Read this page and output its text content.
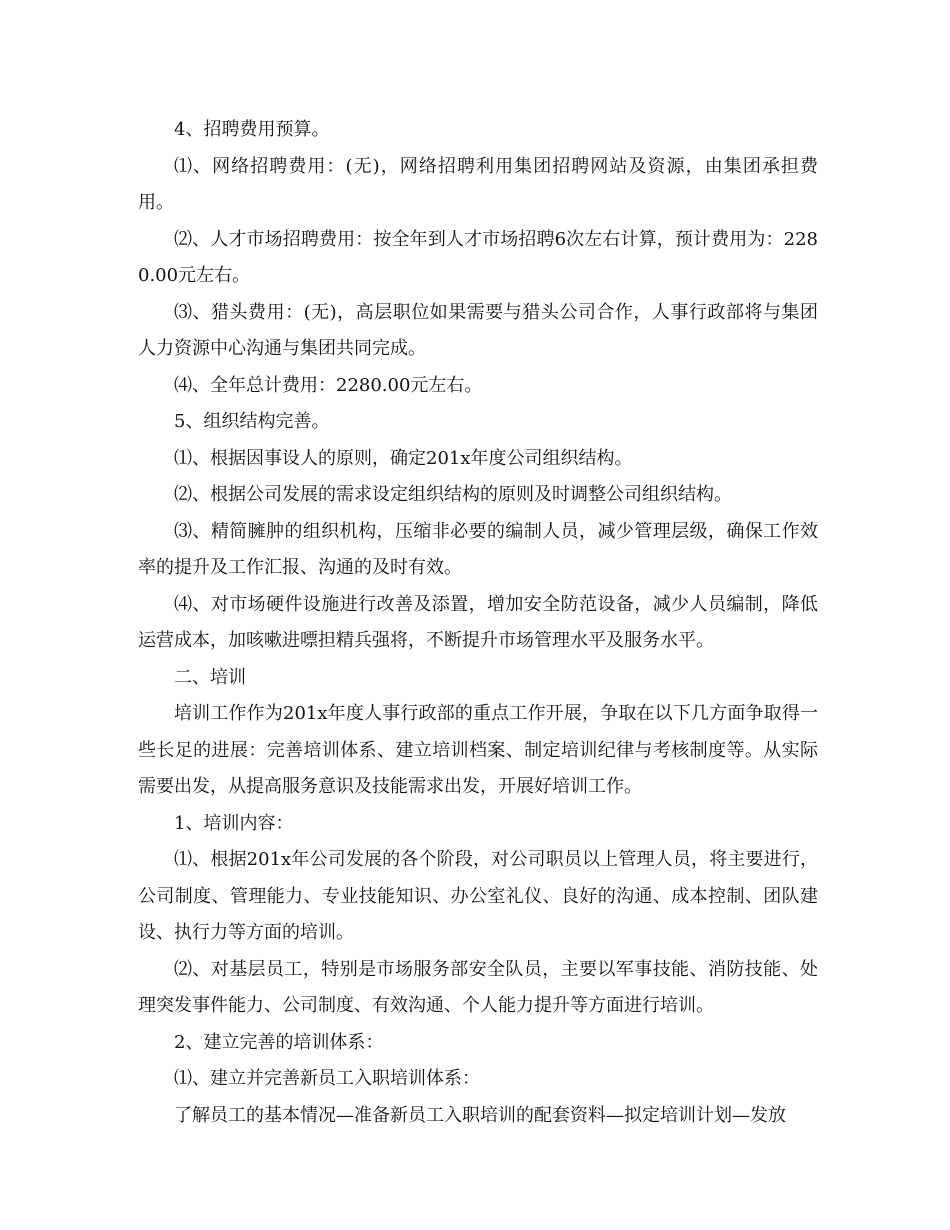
4、招聘费用预算。

⑴、网络招聘费用：(无)，网络招聘利用集团招聘网站及资源，由集团承担费用。

⑵、人才市场招聘费用：按全年到人才市场招聘6次左右计算，预计费用为：2280.00元左右。

⑶、猎头费用：(无)，高层职位如果需要与猎头公司合作，人事行政部将与集团人力资源中心沟通与集团共同完成。

⑷、全年总计费用：2280.00元左右。

5、组织结构完善。

⑴、根据因事设人的原则，确定201x年度公司组织结构。

⑵、根据公司发展的需求设定组织结构的原则及时调整公司组织结构。

⑶、精简臃肿的组织机构，压缩非必要的编制人员，减少管理层级，确保工作效率的提升及工作汇报、沟通的及时有效。

⑷、对市场硬件设施进行改善及添置，增加安全防范设备，减少人员编制，降低运营成本，加咳嗽进嘌担精兵强将，不断提升市场管理水平及服务水平。

二、培训

培训工作作为201x年度人事行政部的重点工作开展，争取在以下几方面争取得一些长足的进展：完善培训体系、建立培训档案、制定培训纪律与考核制度等。从实际需要出发，从提高服务意识及技能需求出发，开展好培训工作。

1、培训内容：

⑴、根据201x年公司发展的各个阶段，对公司职员以上管理人员，将主要进行，公司制度、管理能力、专业技能知识、办公室礼仪、良好的沟通、成本控制、团队建设、执行力等方面的培训。

⑵、对基层员工，特别是市场服务部安全队员，主要以军事技能、消防技能、处理突发事件能力、公司制度、有效沟通、个人能力提升等方面进行培训。

2、建立完善的培训体系：

⑴、建立并完善新员工入职培训体系：

了解员工的基本情况—准备新员工入职培训的配套资料—拟定培训计划—发放
